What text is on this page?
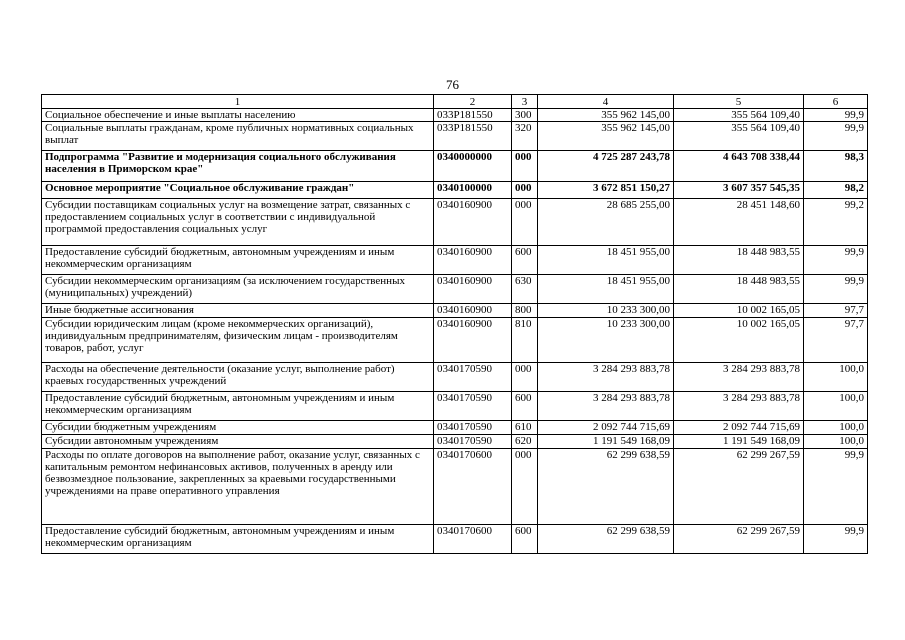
76
1	2	3	4	5	6
Социальное обеспечение и иные выплаты населению	033P181550	300	355 962 145,00	355 564 109,40	99,9
Социальные выплаты гражданам, кроме публичных нормативных социальных выплат	033P181550	320	355 962 145,00	355 564 109,40	99,9
Подпрограмма "Развитие и модернизация социального обслуживания населения в Приморском крае"	0340000000	000	4 725 287 243,78	4 643 708 338,44	98,3
Основное мероприятие "Социальное обслуживание граждан"	0340100000	000	3 672 851 150,27	3 607 357 545,35	98,2
Субсидии поставщикам социальных услуг на возмещение затрат, связанных с предоставлением социальных услуг в соответствии с индивидуальной программой предоставления социальных услуг	0340160900	000	28 685 255,00	28 451 148,60	99,2
Предоставление субсидий бюджетным, автономным учреждениям и иным некоммерческим организациям	0340160900	600	18 451 955,00	18 448 983,55	99,9
Субсидии некоммерческим организациям (за исключением государственных (муниципальных) учреждений)	0340160900	630	18 451 955,00	18 448 983,55	99,9
Иные бюджетные ассигнования	0340160900	800	10 233 300,00	10 002 165,05	97,7
Субсидии юридическим лицам (кроме некоммерческих организаций), индивидуальным предпринимателям, физическим лицам - производителям товаров, работ, услуг	0340160900	810	10 233 300,00	10 002 165,05	97,7
Расходы на обеспечение деятельности (оказание услуг, выполнение работ) краевых государственных учреждений	0340170590	000	3 284 293 883,78	3 284 293 883,78	100,0
Предоставление субсидий бюджетным, автономным учреждениям и иным некоммерческим организациям	0340170590	600	3 284 293 883,78	3 284 293 883,78	100,0
Субсидии бюджетным учреждениям	0340170590	610	2 092 744 715,69	2 092 744 715,69	100,0
Субсидии автономным учреждениям	0340170590	620	1 191 549 168,09	1 191 549 168,09	100,0
Расходы по оплате договоров на выполнение работ, оказание услуг, связанных с капитальным ремонтом нефинансовых активов, полученных в аренду или безвозмездное пользование, закрепленных за краевыми государственными учреждениями на праве оперативного управления	0340170600	000	62 299 638,59	62 299 267,59	99,9
Предоставление субсидий бюджетным, автономным учреждениям и иным некоммерческим организациям	0340170600	600	62 299 638,59	62 299 267,59	99,9
